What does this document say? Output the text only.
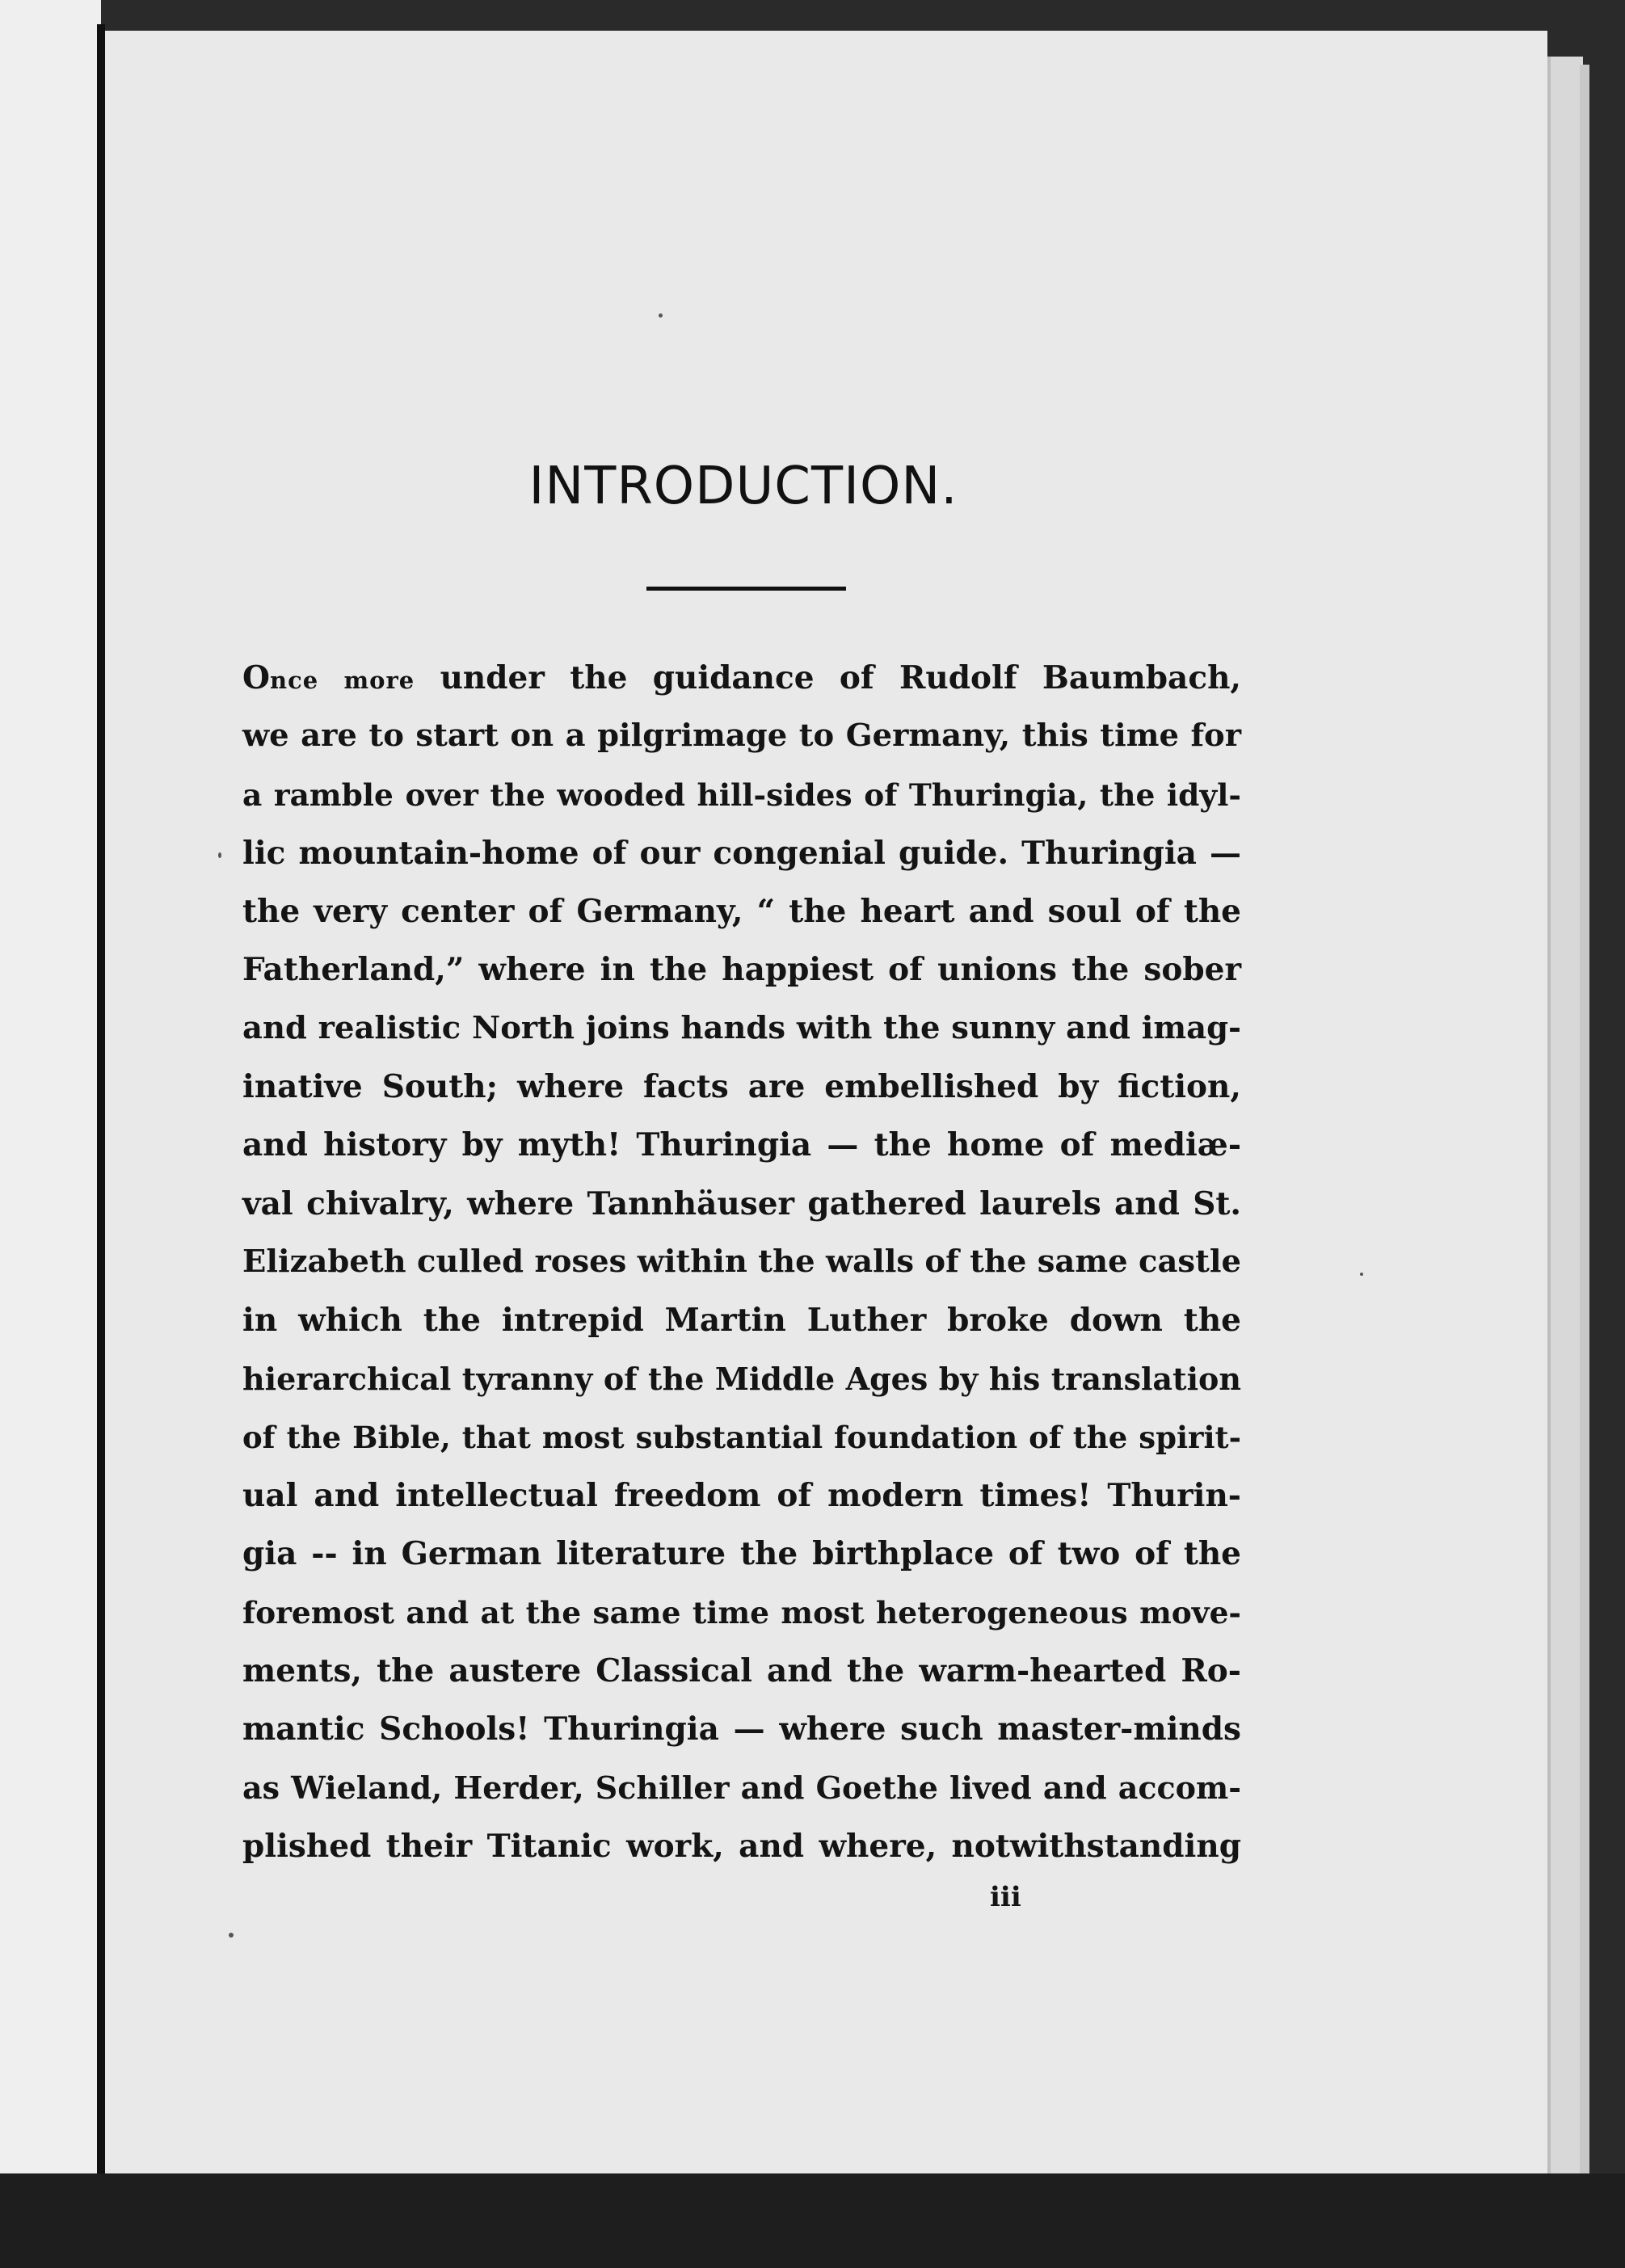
INTRODUCTION.
Once more under the guidance of Rudolf Baumbach,
we are to start on a pilgrimage to Germany, this time for
a ramble over the wooded hill-sides of Thuringia, the idyl-
lic mountain-home of our congenial guide. Thuringia —
the very center of Germany, “ the heart and soul of the
Fatherland,” where in the happiest of unions the sober
and realistic North joins hands with the sunny and imag-
inative South; where facts are embellished by fiction,
and history by myth! Thuringia — the home of mediæ-
val chivalry, where Tannhäuser gathered laurels and St.
Elizabeth culled roses within the walls of the same castle
in which the intrepid Martin Luther broke down the
hierarchical tyranny of the Middle Ages by his translation
of the Bible, that most substantial foundation of the spirit-
ual and intellectual freedom of modern times! Thurin-
gia -- in German literature the birthplace of two of the
foremost and at the same time most heterogeneous move-
ments, the austere Classical and the warm-hearted Ro-
mantic Schools! Thuringia — where such master-minds
as Wieland, Herder, Schiller and Goethe lived and accom-
plished their Titanic work, and where, notwithstanding
iii
